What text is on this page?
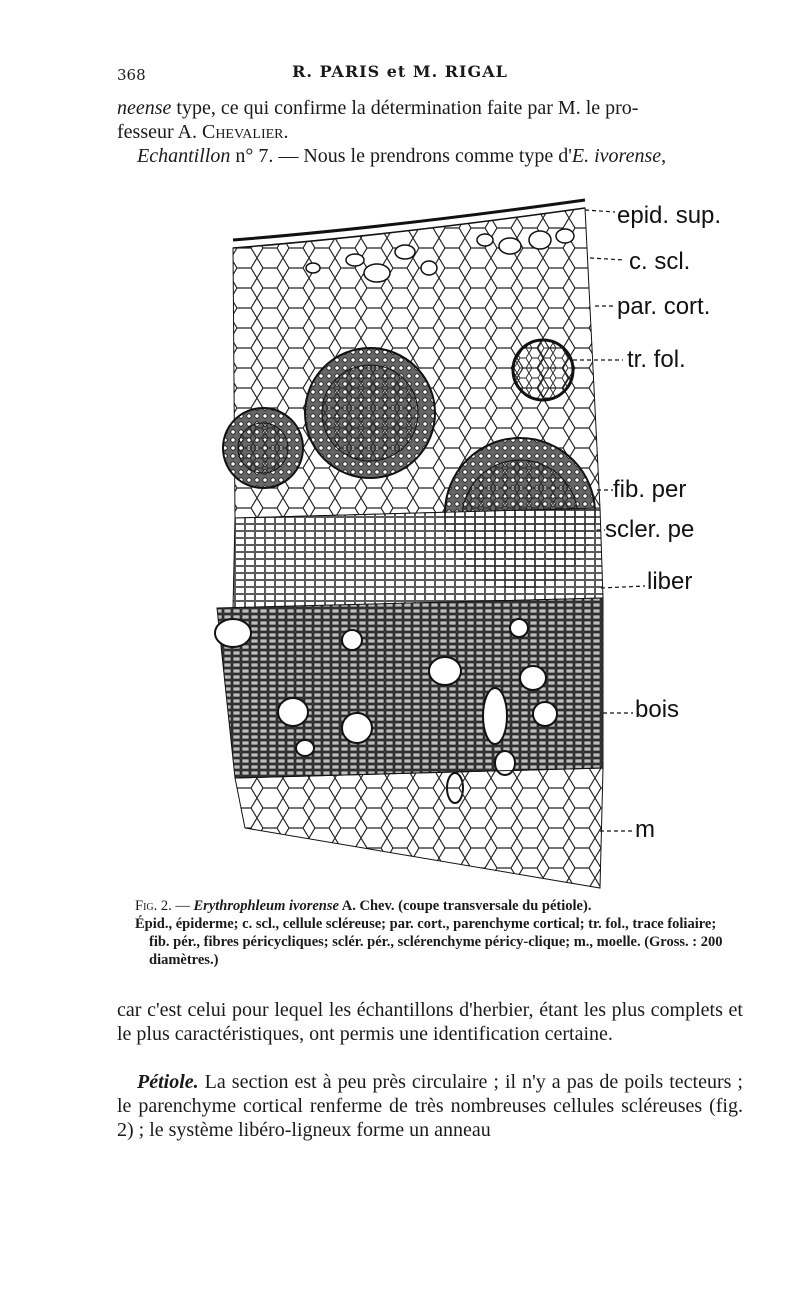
368	R. PARIS et M. RIGAL

neense type, ce qui confirme la détermination faite par M. le pro-

fesseur A. Chevalier.

Echantillon n° 7. — Nous le prendrons comme type d'E. ivorense,

epid. sup.
c. scl.
par. cort.
tr. fol.
fib. per
scler. pe
liber
bois
m

Fig. 2. — Erythrophleum ivorense A. Chev. (coupe transversale du pétiole).

Épid., épiderme; c. scl., cellule scléreuse; par. cort., parenchyme cortical; tr. fol., trace foliaire; fib. pér., fibres péricycliques; sclér. pér., sclérenchyme péricy-clique; m., moelle. (Gross. : 200 diamètres.)

car c'est celui pour lequel les échantillons d'herbier, étant les plus complets et le plus caractéristiques, ont permis une identification certaine.

Pétiole. La section est à peu près circulaire ; il n'y a pas de poils tecteurs ; le parenchyme cortical renferme de très nombreuses cellules scléreuses (fig. 2) ; le système libéro-ligneux forme un anneau
